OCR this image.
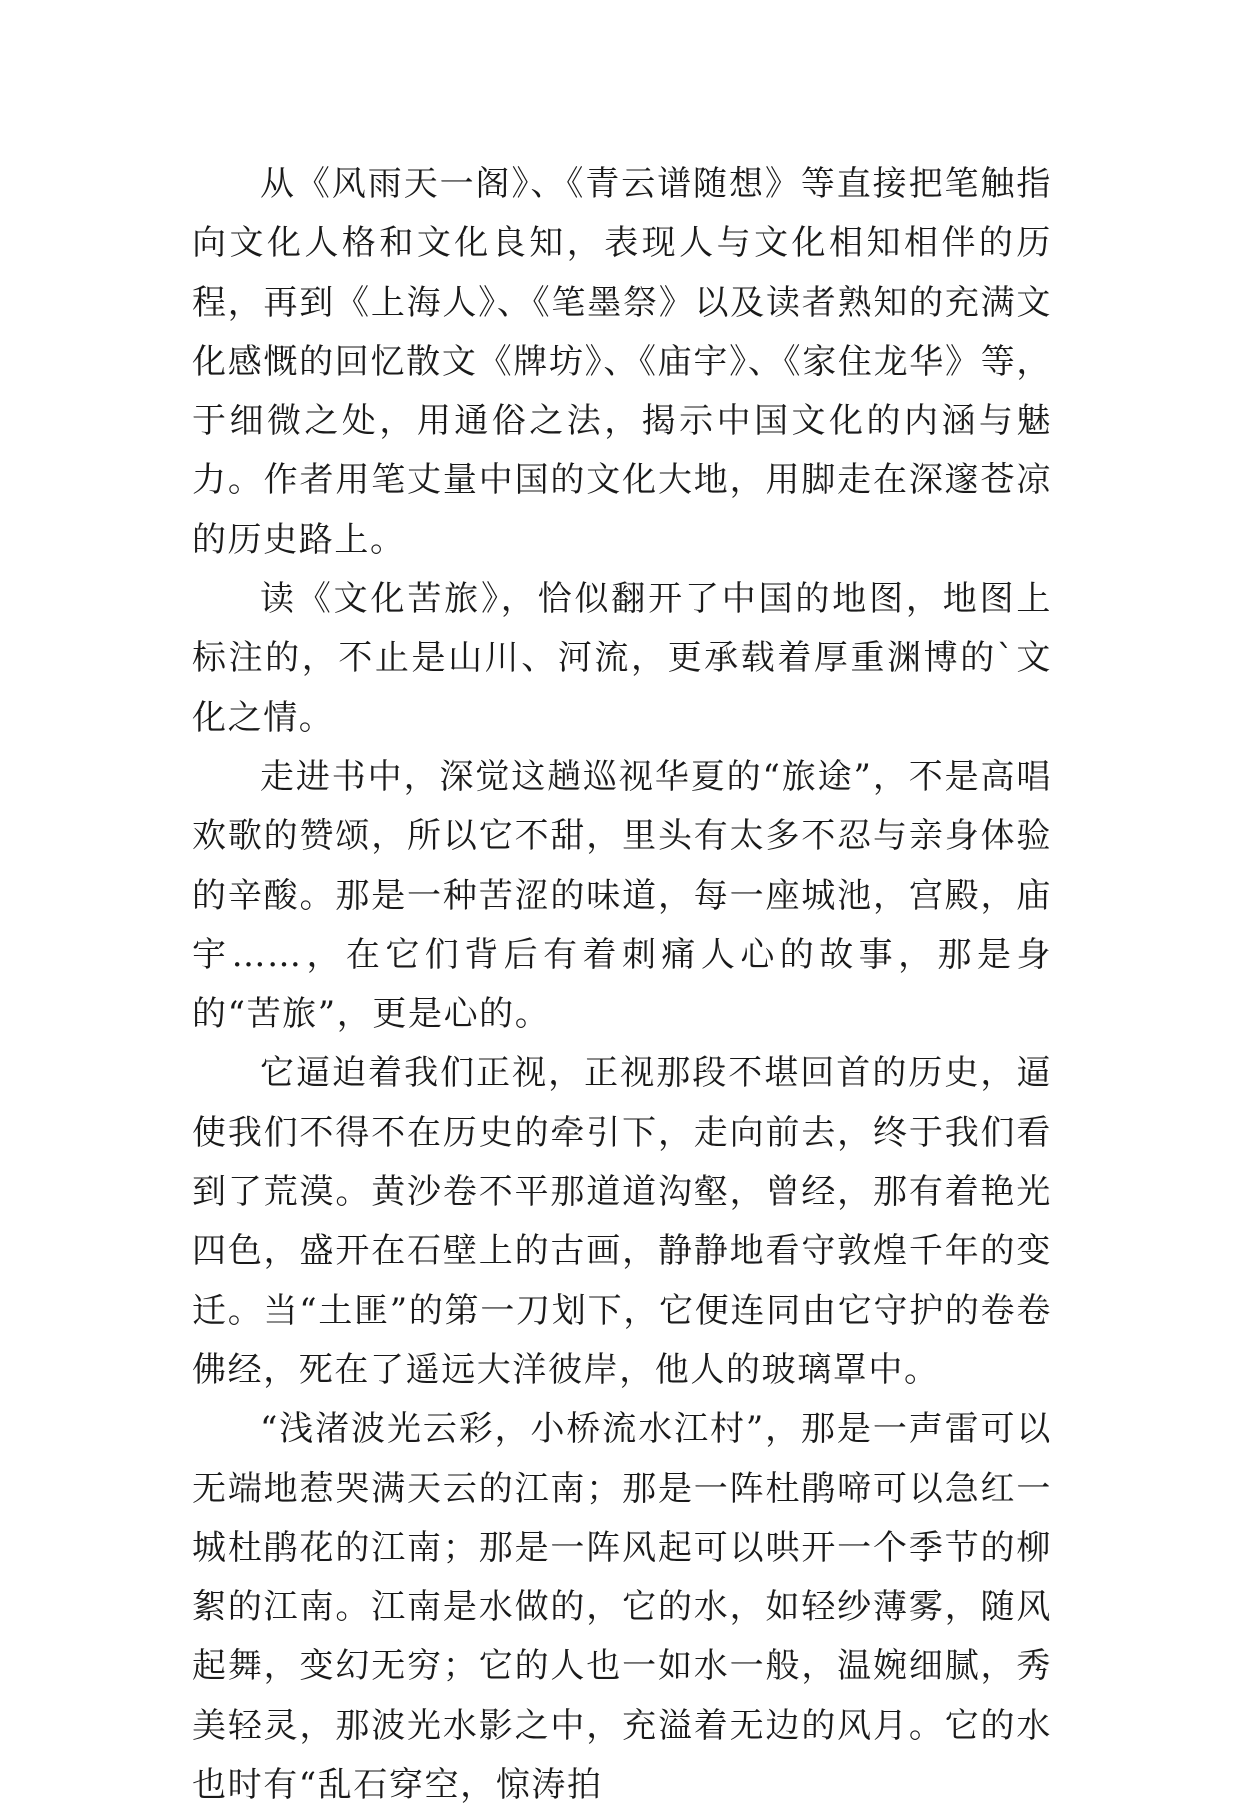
从《风雨天一阁》、《青云谱随想》等直接把笔触指向文化人格和文化良知，表现人与文化相知相伴的历程，再到《上海人》、《笔墨祭》以及读者熟知的充满文化感慨的回忆散文《牌坊》、《庙宇》、《家住龙华》等，于细微之处，用通俗之法，揭示中国文化的内涵与魅力。作者用笔丈量中国的文化大地，用脚走在深邃苍凉的历史路上。

读《文化苦旅》，恰似翻开了中国的地图，地图上标注的，不止是山川、河流，更承载着厚重渊博的`文化之情。

走进书中，深觉这趟巡视华夏的“旅途”，不是高唱欢歌的赞颂，所以它不甜，里头有太多不忍与亲身体验的辛酸。那是一种苦涩的味道，每一座城池，宫殿，庙宇……，在它们背后有着刺痛人心的故事，那是身的“苦旅”，更是心的。

它逼迫着我们正视，正视那段不堪回首的历史，逼使我们不得不在历史的牵引下，走向前去，终于我们看到了荒漠。黄沙卷不平那道道沟壑，曾经，那有着艳光四色，盛开在石壁上的古画，静静地看守敦煌千年的变迁。当“土匪”的第一刀划下，它便连同由它守护的卷卷佛经，死在了遥远大洋彼岸，他人的玻璃罩中。

“浅渚波光云彩，小桥流水江村”，那是一声雷可以无端地惹哭满天云的江南；那是一阵杜鹃啼可以急红一城杜鹃花的江南；那是一阵风起可以哄开一个季节的柳絮的江南。江南是水做的，它的水，如轻纱薄雾，随风起舞，变幻无穷；它的人也一如水一般，温婉细腻，秀美轻灵，那波光水影之中，充溢着无边的风月。它的水也时有“乱石穿空，惊涛拍
